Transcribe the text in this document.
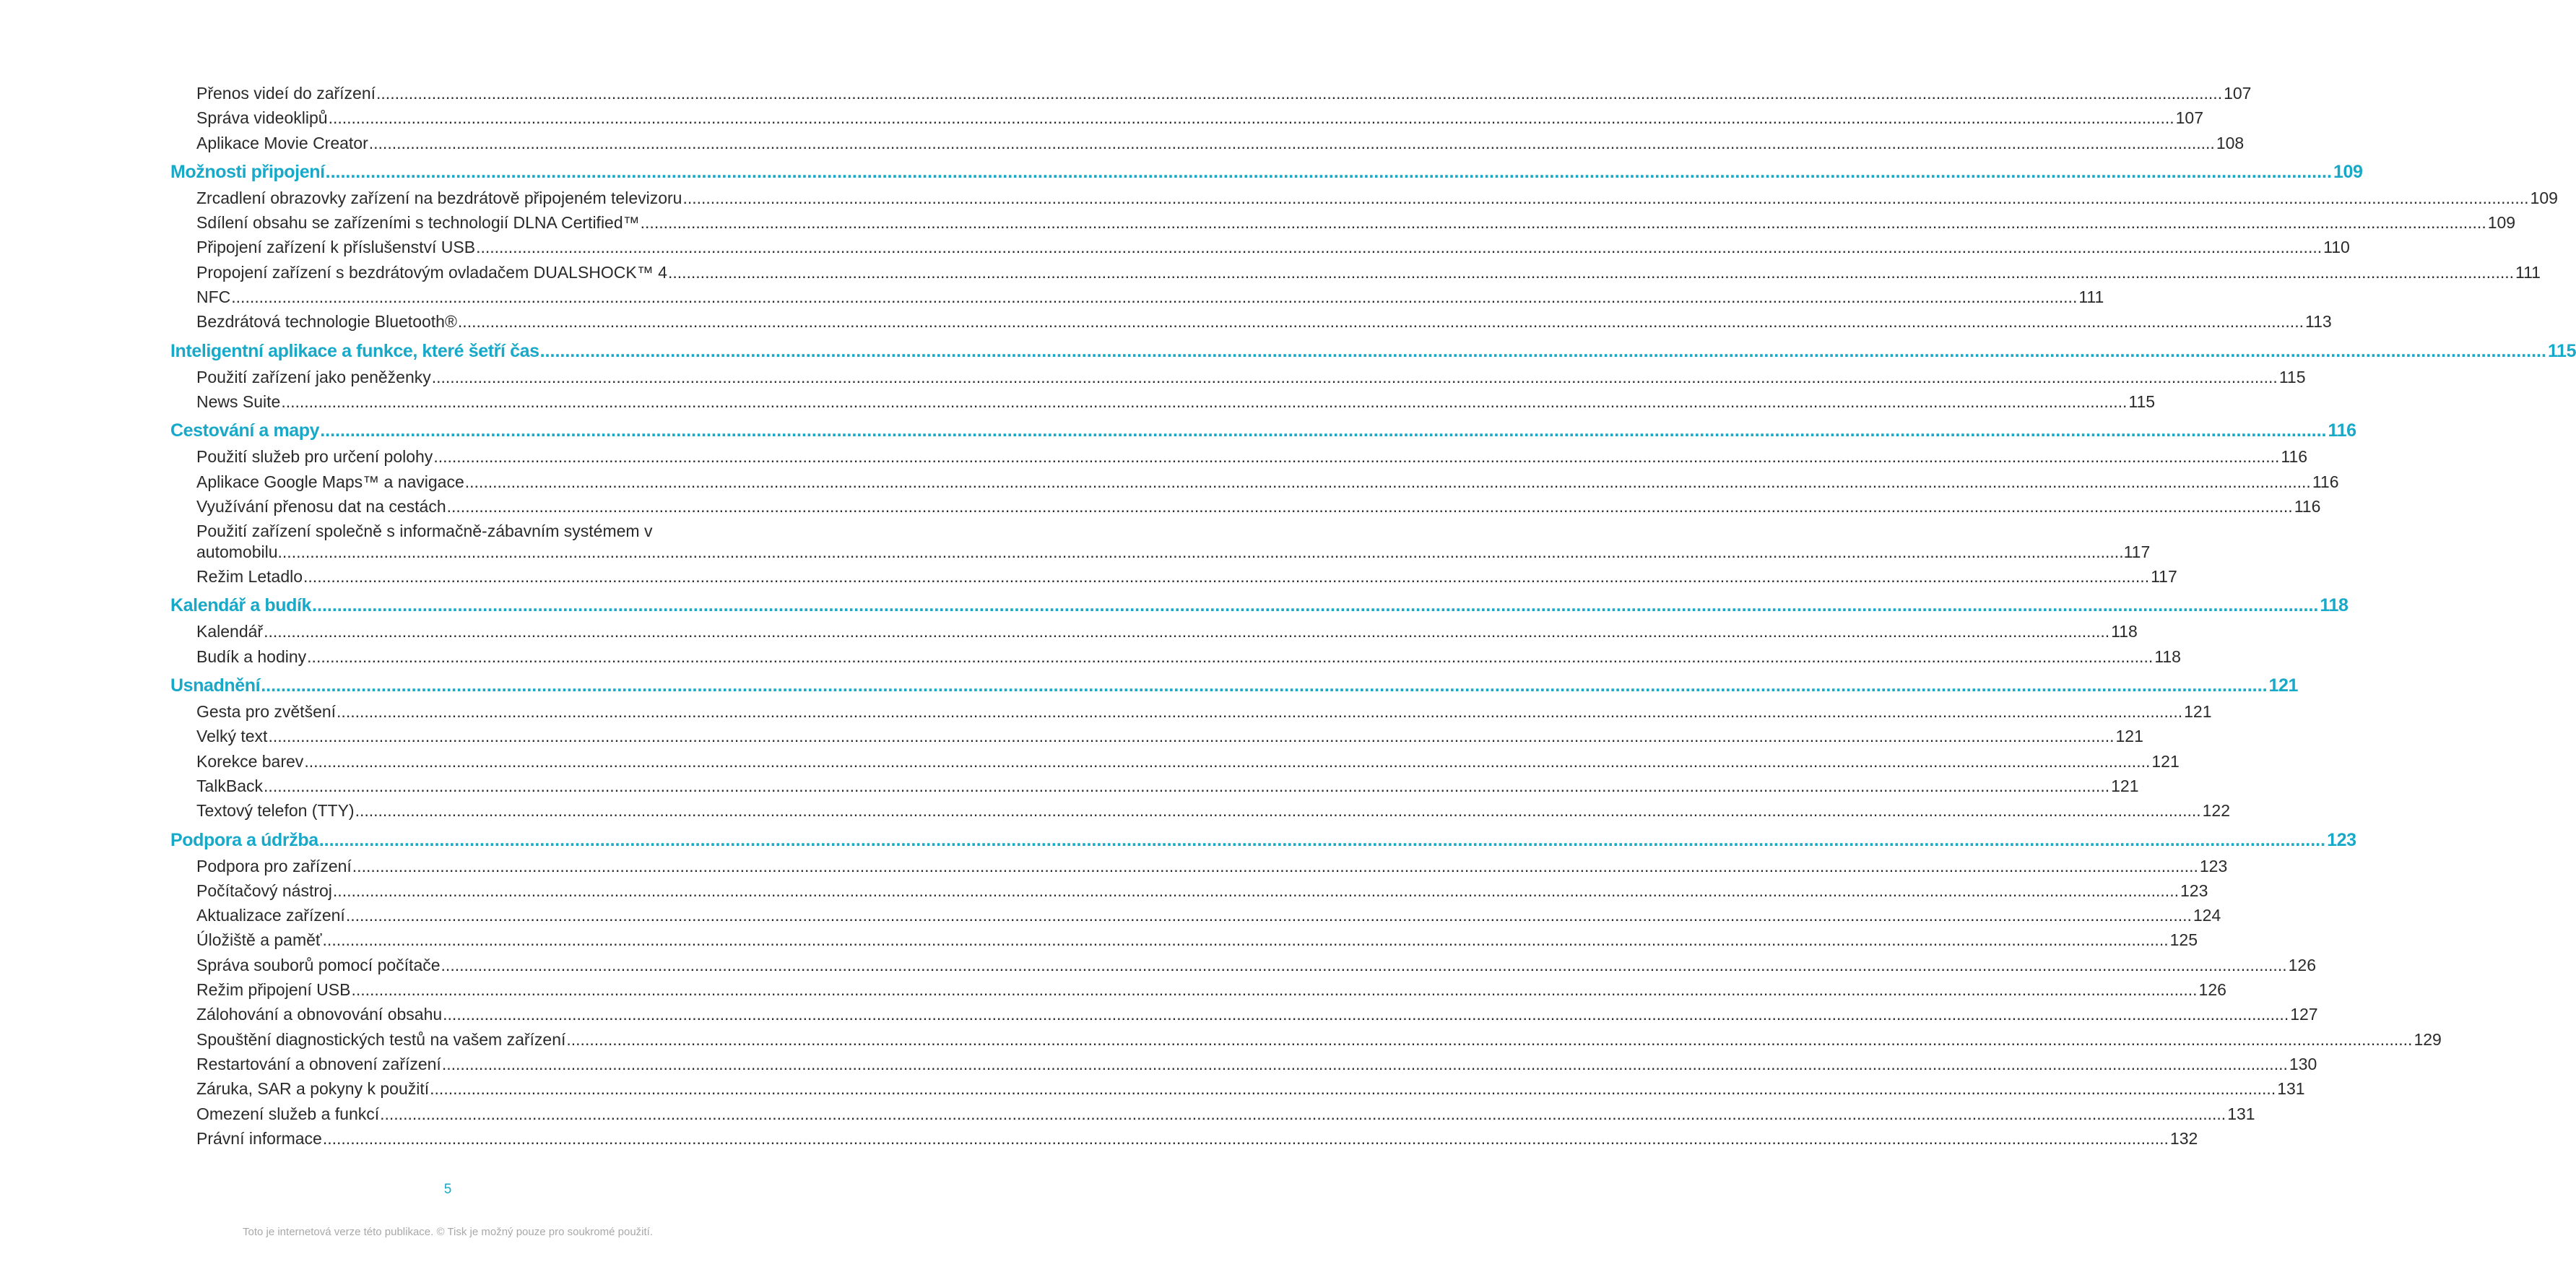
Přenos videí do zařízení ................................................................................................................................................................................................................................................................................................................................................................................................................ 107
Správa videoklipů ................................................................................................................................................................................................................................................................................................................................................................................................................ 107
Aplikace Movie Creator ................................................................................................................................................................................................................................................................................................................................................................................................................ 108
Možnosti připojení ................................................................................................................................................................................................................................................................................................................................................................................................................ 109
Zrcadlení obrazovky zařízení na bezdrátově připojeném televizoru ................................................................................................................................................................................................................................................................................................................................................................................................................ 109
Sdílení obsahu se zařízeními s technologií DLNA Certified™ ................................................................................................................................................................................................................................................................................................................................................................................................................ 109
Připojení zařízení k příslušenství USB ................................................................................................................................................................................................................................................................................................................................................................................................................ 110
Propojení zařízení s bezdrátovým ovladačem DUALSHOCK™ 4 ................................................................................................................................................................................................................................................................................................................................................................................................................ 111
NFC ................................................................................................................................................................................................................................................................................................................................................................................................................ 111
Bezdrátová technologie Bluetooth® ................................................................................................................................................................................................................................................................................................................................................................................................................ 113
Inteligentní aplikace a funkce, které šetří čas ................................................................................................................................................................................................................................................................................................................................................................................................................ 115
Použití zařízení jako peněženky ................................................................................................................................................................................................................................................................................................................................................................................................................ 115
News Suite ................................................................................................................................................................................................................................................................................................................................................................................................................ 115
Cestování a mapy ................................................................................................................................................................................................................................................................................................................................................................................................................ 116
Použití služeb pro určení polohy ................................................................................................................................................................................................................................................................................................................................................................................................................ 116
Aplikace Google Maps™ a navigace ................................................................................................................................................................................................................................................................................................................................................................................................................ 116
Využívání přenosu dat na cestách ................................................................................................................................................................................................................................................................................................................................................................................................................ 116
Použití zařízení společně s informačně-zábavním systémem v
automobilu ................................................................................................................................................................................................................................................................................................................................................................................................................ 117
Režim Letadlo ................................................................................................................................................................................................................................................................................................................................................................................................................ 117
Kalendář a budík ................................................................................................................................................................................................................................................................................................................................................................................................................ 118
Kalendář ................................................................................................................................................................................................................................................................................................................................................................................................................ 118
Budík a hodiny ................................................................................................................................................................................................................................................................................................................................................................................................................ 118
Usnadnění ................................................................................................................................................................................................................................................................................................................................................................................................................ 121
Gesta pro zvětšení ................................................................................................................................................................................................................................................................................................................................................................................................................ 121
Velký text ................................................................................................................................................................................................................................................................................................................................................................................................................ 121
Korekce barev ................................................................................................................................................................................................................................................................................................................................................................................................................ 121
TalkBack ................................................................................................................................................................................................................................................................................................................................................................................................................ 121
Textový telefon (TTY) ................................................................................................................................................................................................................................................................................................................................................................................................................ 122
Podpora a údržba ................................................................................................................................................................................................................................................................................................................................................................................................................ 123
Podpora pro zařízení ................................................................................................................................................................................................................................................................................................................................................................................................................ 123
Počítačový nástroj ................................................................................................................................................................................................................................................................................................................................................................................................................ 123
Aktualizace zařízení ................................................................................................................................................................................................................................................................................................................................................................................................................ 124
Úložiště a paměť ................................................................................................................................................................................................................................................................................................................................................................................................................ 125
Správa souborů pomocí počítače ................................................................................................................................................................................................................................................................................................................................................................................................................ 126
Režim připojení USB ................................................................................................................................................................................................................................................................................................................................................................................................................ 126
Zálohování a obnovování obsahu ................................................................................................................................................................................................................................................................................................................................................................................................................ 127
Spouštění diagnostických testů na vašem zařízení ................................................................................................................................................................................................................................................................................................................................................................................................................ 129
Restartování a obnovení zařízení ................................................................................................................................................................................................................................................................................................................................................................................................................ 130
Záruka, SAR a pokyny k použití ................................................................................................................................................................................................................................................................................................................................................................................................................ 131
Omezení služeb a funkcí ................................................................................................................................................................................................................................................................................................................................................................................................................ 131
Právní informace ................................................................................................................................................................................................................................................................................................................................................................................................................ 132
5
Toto je internetová verze této publikace. © Tisk je možný pouze pro soukromé použití.
